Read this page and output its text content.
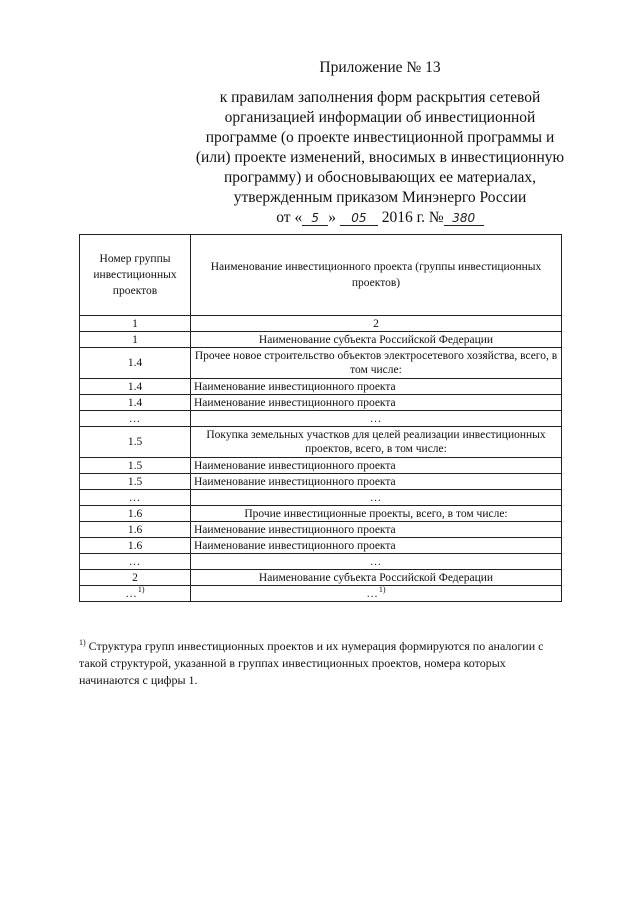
Приложение № 13
к правилам заполнения форм раскрытия сетевой
организацией информации об инвестиционной
программе (о проекте инвестиционной программы и
(или) проекте изменений, вносимых в инвестиционную
программу) и обосновывающих ее материалах,
утвержденным приказом Минэнерго России
от « 5 » 05 2016 г. № 380
Номер группы инвестиционных проектов	Наименование инвестиционного проекта (группы инвестиционных проектов)
1	2
1	Наименование субъекта Российской Федерации
1.4	Прочее новое строительство объектов электросетевого хозяйства, всего, в том числе:
1.4	Наименование инвестиционного проекта
1.4	Наименование инвестиционного проекта
…	…
1.5	Покупка земельных участков для целей реализации инвестиционных проектов, всего, в том числе:
1.5	Наименование инвестиционного проекта
1.5	Наименование инвестиционного проекта
…	…
1.6	Прочие инвестиционные проекты, всего, в том числе:
1.6	Наименование инвестиционного проекта
1.6	Наименование инвестиционного проекта
…	…
2	Наименование субъекта Российской Федерации
…$^{1)}$	…$^{1)}$
$^{1)}$ Структура групп инвестиционных проектов и их нумерация формируются по аналогии с такой структурой, указанной в группах инвестиционных проектов, номера которых начинаются с цифры 1.
